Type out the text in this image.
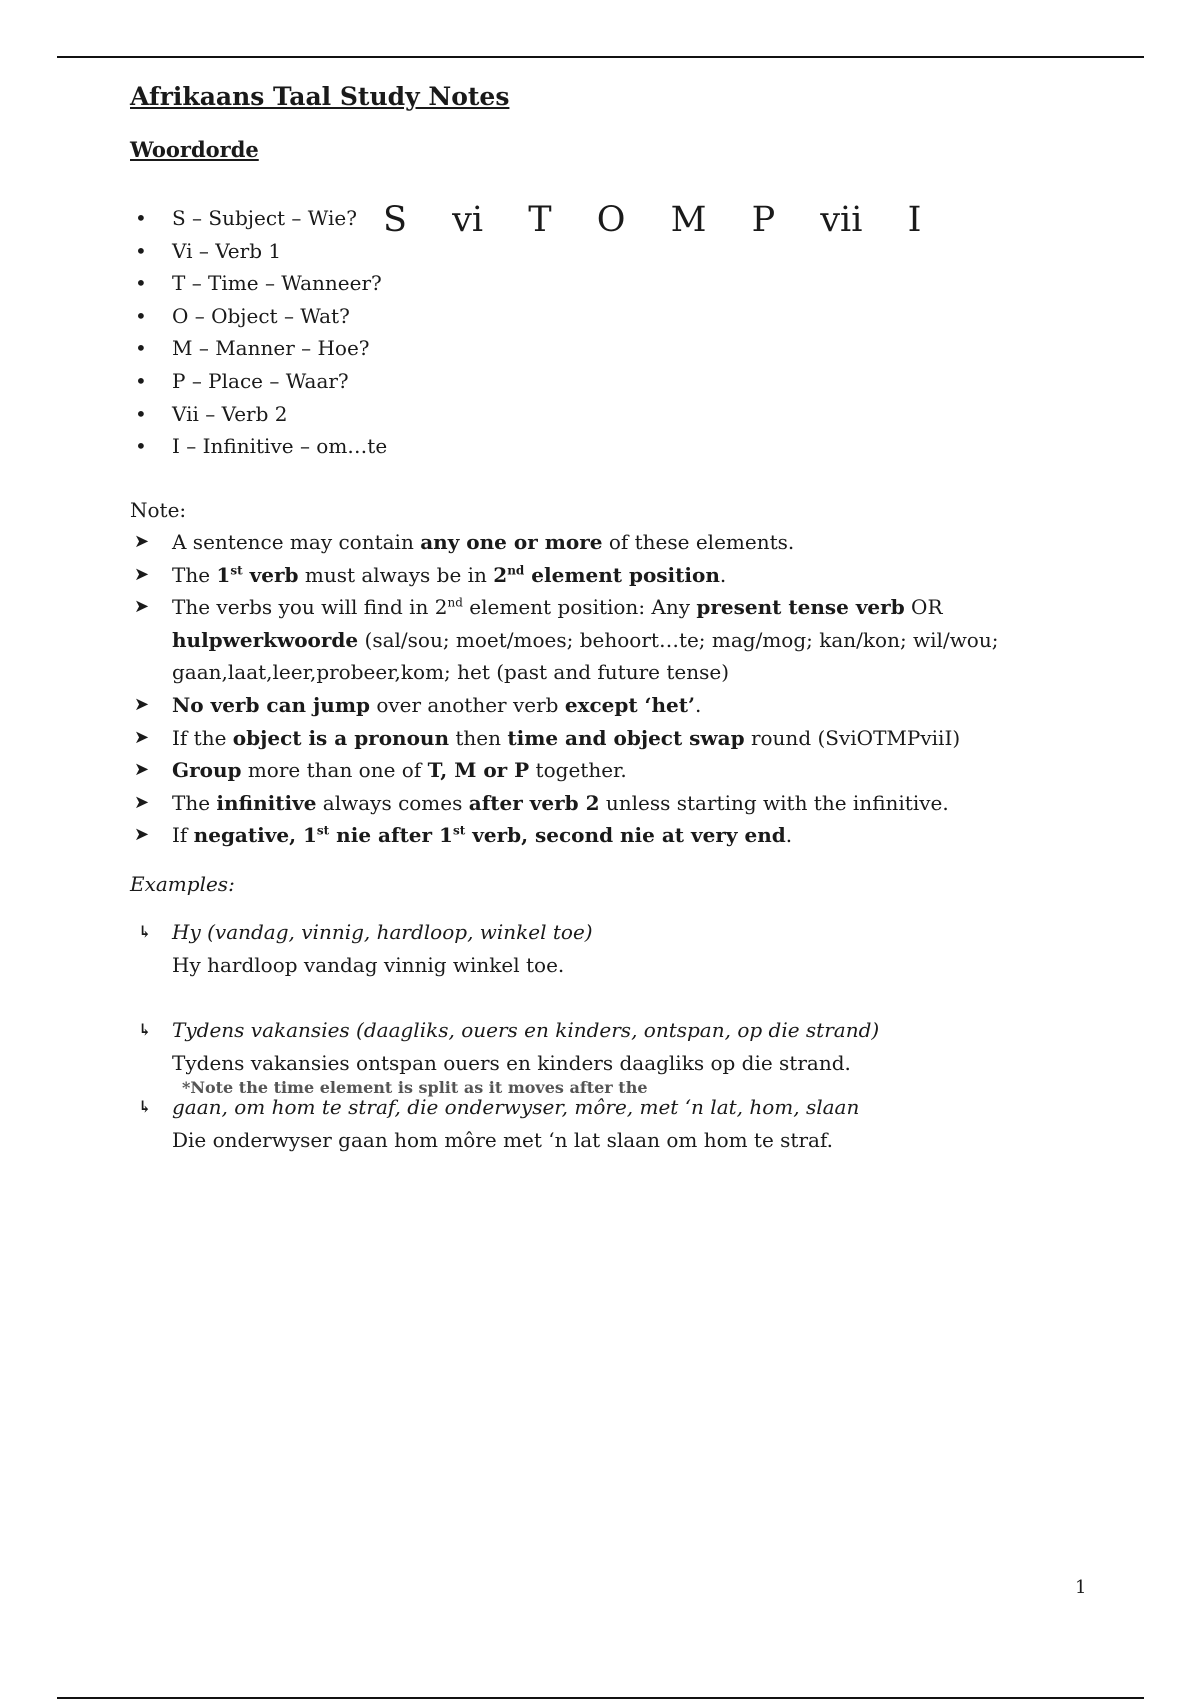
Afrikaans Taal Study Notes
Woordorde
• S – Subject – Wie?
• Vi – Verb 1
• T – Time – Wanneer?
• O – Object – Wat?
• M – Manner – Hoe?
• P – Place – Waar?
• Vii – Verb 2
• I – Infinitive – om…te
S vi T O M P vii I
Note:
➤ A sentence may contain any one or more of these elements.
➤ The 1st verb must always be in 2nd element position.
➤ The verbs you will find in 2nd element position: Any present tense verb OR hulpwerkwoorde (sal/sou; moet/moes; behoort…te; mag/mog; kan/kon; wil/wou; gaan,laat,leer,probeer,kom; het (past and future tense)
➤ No verb can jump over another verb except ‘het’.
➤ If the object is a pronoun then time and object swap round (SviOTMPviiI)
➤ Group more than one of T, M or P together.
➤ The infinitive always comes after verb 2 unless starting with the infinitive.
➤ If negative, 1st nie after 1st verb, second nie at very end.
Examples:
↳ Hy (vandag, vinnig, hardloop, winkel toe)
Hy hardloop vandag vinnig winkel toe.
↳ Tydens vakansies (daagliks, ouers en kinders, ontspan, op die strand)
Tydens vakansies ontspan ouers en kinders daagliks op die strand.
*Note the time element is split as it moves after the
↳ gaan, om hom te straf, die onderwyser, môre, met ‘n lat, hom, slaan
Die onderwyser gaan hom môre met ‘n lat slaan om hom te straf.
1
